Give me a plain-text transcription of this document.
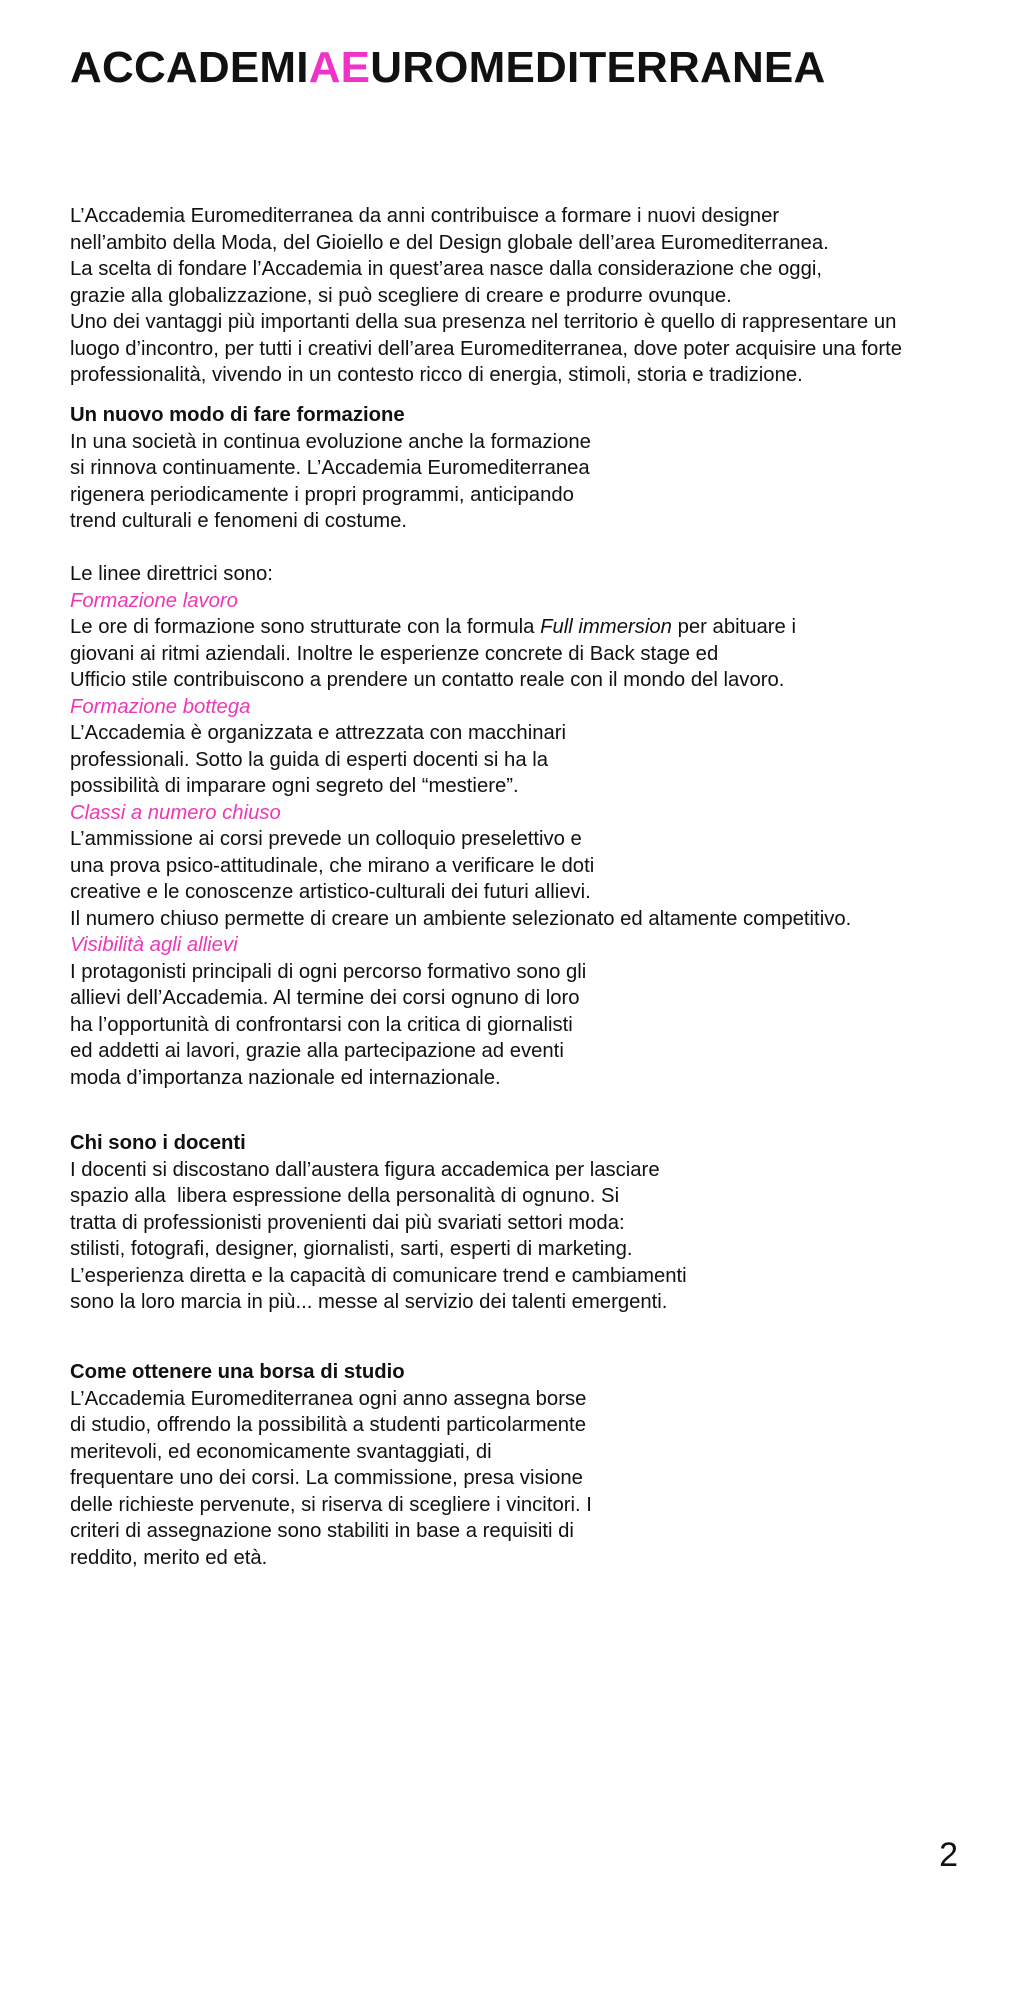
ACCADEMIAEUROMEDITERRANEA

L’Accademia Euromediterranea da anni contribuisce a formare i nuovi designer
nell’ambito della Moda, del Gioiello e del Design globale dell’area Euromediterranea.
La scelta di fondare l’Accademia in quest’area nasce dalla considerazione che oggi,
grazie alla globalizzazione, si può scegliere di creare e produrre ovunque.
Uno dei vantaggi più importanti della sua presenza nel territorio è quello di rappresentare un
luogo d’incontro, per tutti i creativi dell’area Euromediterranea, dove poter acquisire una forte
professionalità, vivendo in un contesto ricco di energia, stimoli, storia e tradizione.

Un nuovo modo di fare formazione
In una società in continua evoluzione anche la formazione
si rinnova continuamente. L’Accademia Euromediterranea
rigenera periodicamente i propri programmi, anticipando
trend culturali e fenomeni di costume.

Le linee direttrici sono:
Formazione lavoro
Le ore di formazione sono strutturate con la formula Full immersion per abituare i
giovani ai ritmi aziendali. Inoltre le esperienze concrete di Back stage ed
Ufficio stile contribuiscono a prendere un contatto reale con il mondo del lavoro.
Formazione bottega
L’Accademia è organizzata e attrezzata con macchinari
professionali. Sotto la guida di esperti docenti si ha la
possibilità di imparare ogni segreto del “mestiere”.
Classi a numero chiuso
L’ammissione ai corsi prevede un colloquio preselettivo e
una prova psico-attitudinale, che mirano a verificare le doti
creative e le conoscenze artistico-culturali dei futuri allievi.
Il numero chiuso permette di creare un ambiente selezionato ed altamente competitivo.
Visibilità agli allievi
I protagonisti principali di ogni percorso formativo sono gli
allievi dell’Accademia. Al termine dei corsi ognuno di loro
ha l’opportunità di confrontarsi con la critica di giornalisti
ed addetti ai lavori, grazie alla partecipazione ad eventi
moda d’importanza nazionale ed internazionale.
Chi sono i docenti
I docenti si discostano dall’austera figura accademica per lasciare
spazio alla  libera espressione della personalità di ognuno. Si
tratta di professionisti provenienti dai più svariati settori moda:
stilisti, fotografi, designer, giornalisti, sarti, esperti di marketing.
L’esperienza diretta e la capacità di comunicare trend e cambiamenti
sono la loro marcia in più... messe al servizio dei talenti emergenti.
Come ottenere una borsa di studio
L’Accademia Euromediterranea ogni anno assegna borse
di studio, offrendo la possibilità a studenti particolarmente
meritevoli, ed economicamente svantaggiati, di
frequentare uno dei corsi. La commissione, presa visione
delle richieste pervenute, si riserva di scegliere i vincitori. I
criteri di assegnazione sono stabiliti in base a requisiti di
reddito, merito ed età.
2
